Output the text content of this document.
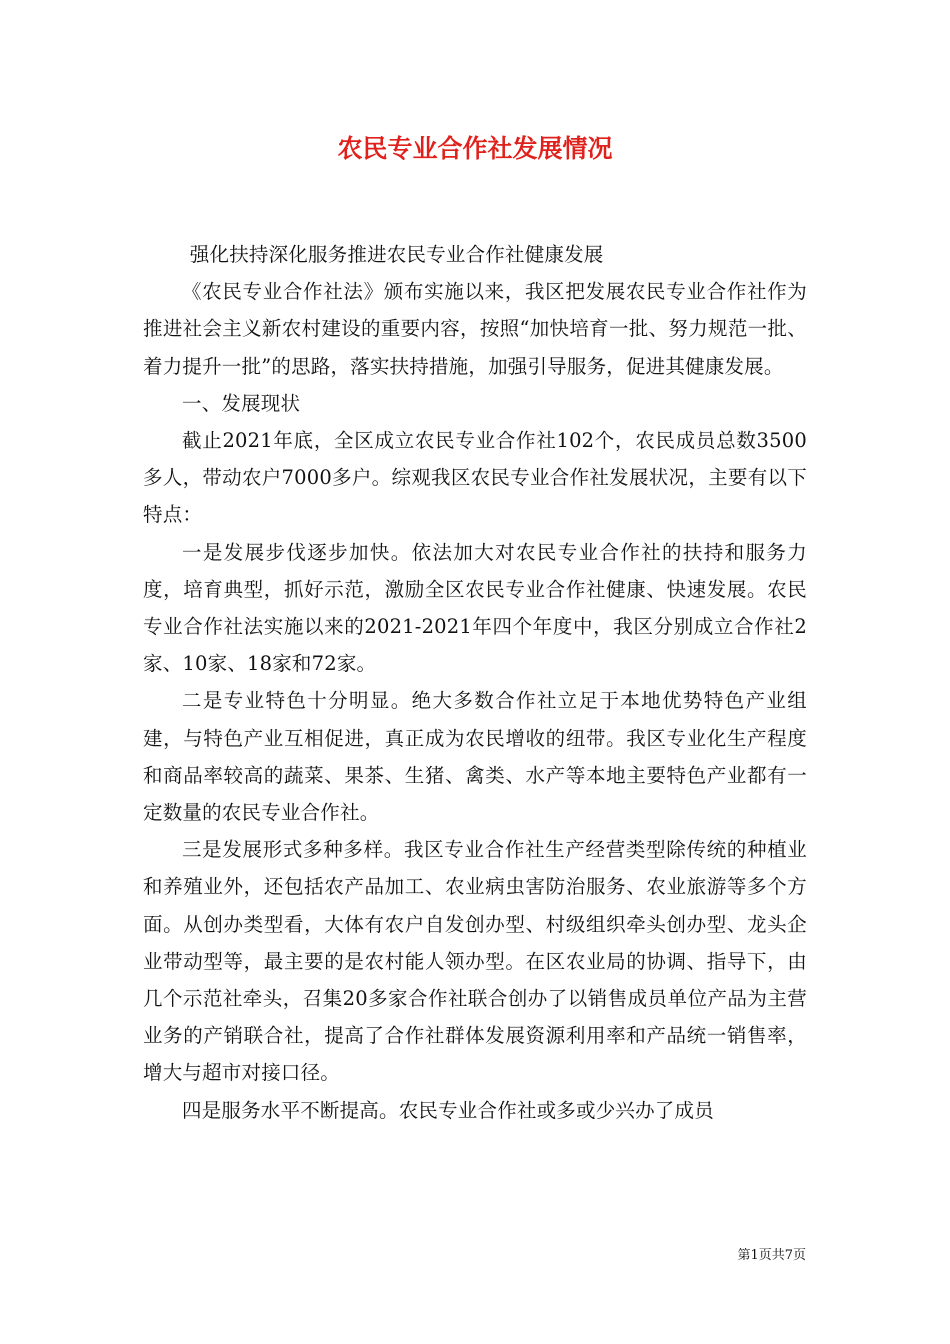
农民专业合作社发展情况

强化扶持深化服务推进农民专业合作社健康发展

《农民专业合作社法》颁布实施以来，我区把发展农民专业合作社作为推进社会主义新农村建设的重要内容，按照“加快培育一批、努力规范一批、着力提升一批”的思路，落实扶持措施，加强引导服务，促进其健康发展。

一、发展现状

截止2021年底，全区成立农民专业合作社102个，农民成员总数3500多人，带动农户7000多户。综观我区农民专业合作社发展状况，主要有以下特点：

一是发展步伐逐步加快。依法加大对农民专业合作社的扶持和服务力度，培育典型，抓好示范，激励全区农民专业合作社健康、快速发展。农民专业合作社法实施以来的2021-2021年四个年度中，我区分别成立合作社2家、10家、18家和72家。

二是专业特色十分明显。绝大多数合作社立足于本地优势特色产业组建，与特色产业互相促进，真正成为农民增收的纽带。我区专业化生产程度和商品率较高的蔬菜、果茶、生猪、禽类、水产等本地主要特色产业都有一定数量的农民专业合作社。

三是发展形式多种多样。我区专业合作社生产经营类型除传统的种植业和养殖业外，还包括农产品加工、农业病虫害防治服务、农业旅游等多个方面。从创办类型看，大体有农户自发创办型、村级组织牵头创办型、龙头企业带动型等，最主要的是农村能人领办型。在区农业局的协调、指导下，由几个示范社牵头，召集20多家合作社联合创办了以销售成员单位产品为主营业务的产销联合社，提高了合作社群体发展资源利用率和产品统一销售率，增大与超市对接口径。

四是服务水平不断提高。农民专业合作社或多或少兴办了成员

第1页共7页
